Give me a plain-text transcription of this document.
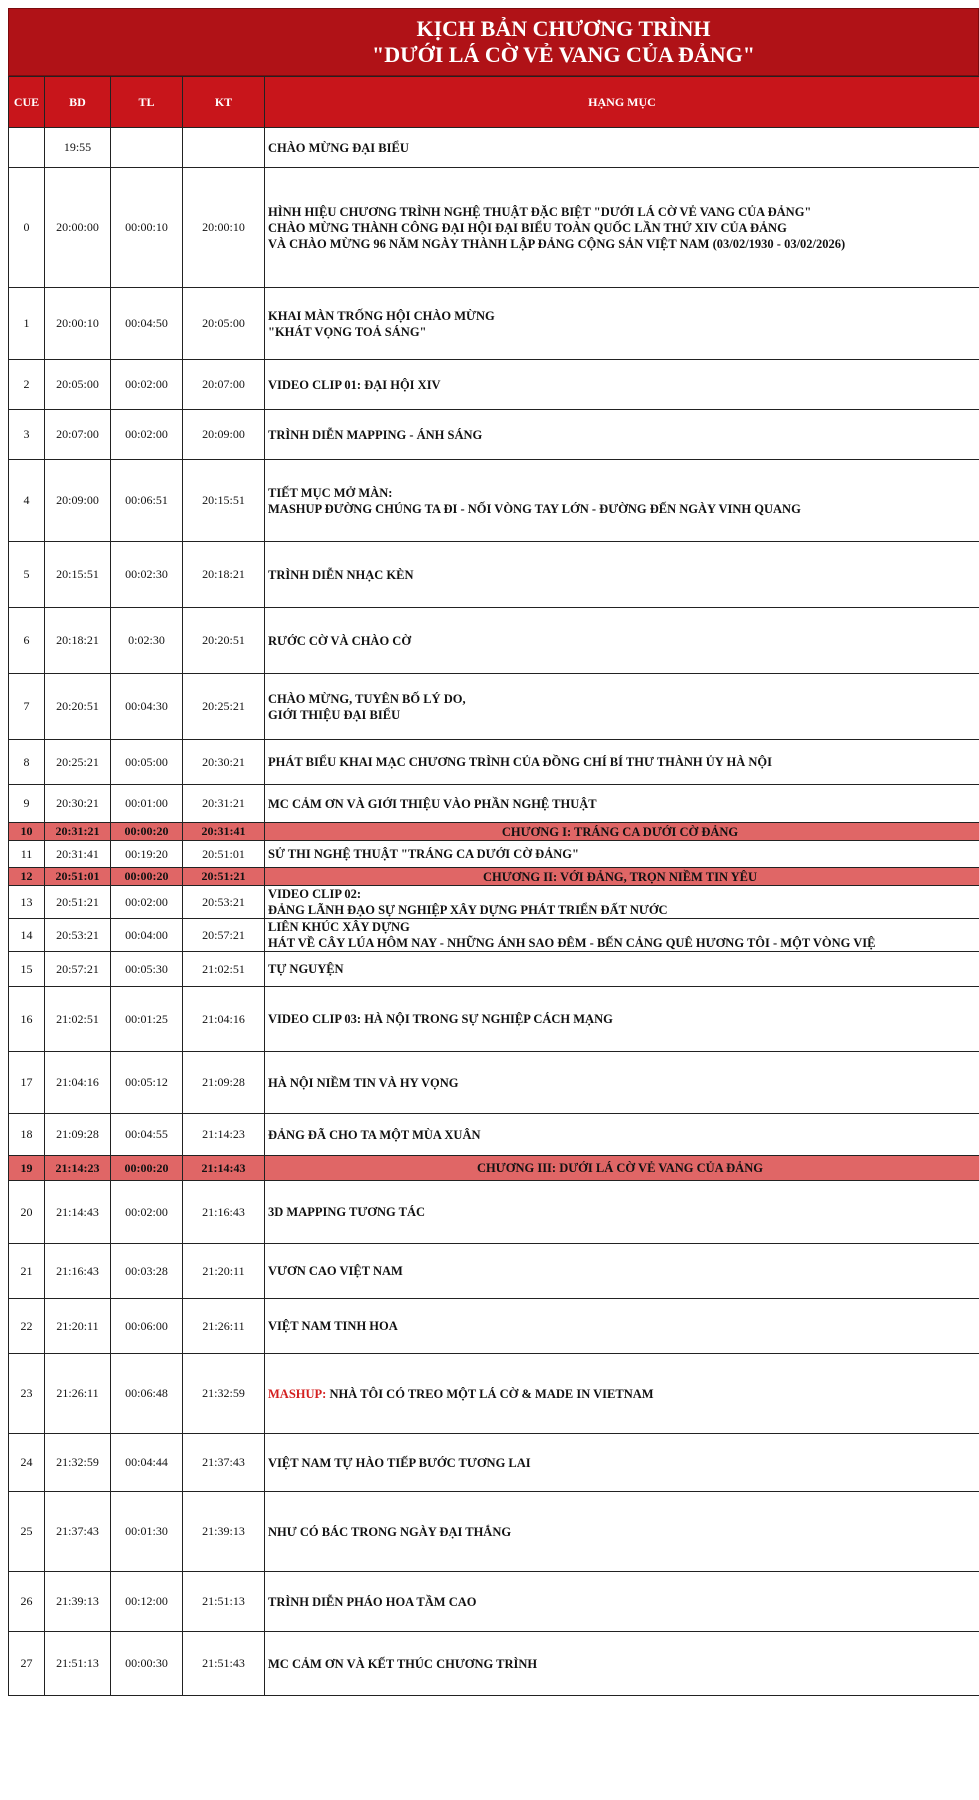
KỊCH BẢN CHƯƠNG TRÌNH
"DƯỚI LÁ CỜ VẺ VANG CỦA ĐẢNG"
CUE	BD	TL	KT	HẠNG MỤC
	19:55			CHÀO MỪNG ĐẠI BIỂU

0	20:00:00	00:00:10	20:00:10	HÌNH HIỆU CHƯƠNG TRÌNH NGHỆ THUẬT ĐẶC BIỆT "DƯỚI LÁ CỜ VẺ VANG CỦA ĐẢNG"
CHÀO MỪNG THÀNH CÔNG ĐẠI HỘI ĐẠI BIỂU TOÀN QUỐC LẦN THỨ XIV CỦA ĐẢNG
VÀ CHÀO MỪNG 96 NĂM NGÀY THÀNH LẬP ĐẢNG CỘNG SẢN VIỆT NAM (03/02/1930 - 03/02/2026)

1	20:00:10	00:04:50	20:05:00	KHAI MÀN TRỐNG HỘI CHÀO MỪNG
"KHÁT VỌNG TOẢ SÁNG"

2	20:05:00	00:02:00	20:07:00	VIDEO CLIP 01: ĐẠI HỘI XIV

3	20:07:00	00:02:00	20:09:00	TRÌNH DIỄN MAPPING - ÁNH SÁNG

4	20:09:00	00:06:51	20:15:51	TIẾT MỤC MỞ MÀN:
MASHUP ĐƯỜNG CHÚNG TA ĐI - NỐI VÒNG TAY LỚN - ĐƯỜNG ĐẾN NGÀY VINH QUANG

5	20:15:51	00:02:30	20:18:21	TRÌNH DIỄN NHẠC KÈN

6	20:18:21	0:02:30	20:20:51	RƯỚC CỜ VÀ CHÀO CỜ

7	20:20:51	00:04:30	20:25:21	CHÀO MỪNG, TUYÊN BỐ LÝ DO,
GIỚI THIỆU ĐẠI BIỂU

8	20:25:21	00:05:00	20:30:21	PHÁT BIỂU KHAI MẠC CHƯƠNG TRÌNH CỦA ĐỒNG CHÍ BÍ THƯ THÀNH ỦY HÀ NỘI

9	20:30:21	00:01:00	20:31:21	MC CẢM ƠN VÀ GIỚI THIỆU VÀO PHẦN NGHỆ THUẬT

10	20:31:21	00:00:20	20:31:41	CHƯƠNG I: TRÁNG CA DƯỚI CỜ ĐẢNG

11	20:31:41	00:19:20	20:51:01	SỬ THI NGHỆ THUẬT "TRÁNG CA DƯỚI CỜ ĐẢNG"

12	20:51:01	00:00:20	20:51:21	CHƯƠNG II: VỚI ĐẢNG, TRỌN NIỀM TIN YÊU

13	20:51:21	00:02:00	20:53:21	VIDEO CLIP 02:
ĐẢNG LÃNH ĐẠO SỰ NGHIỆP XÂY DỰNG PHÁT TRIỂN ĐẤT NƯỚC

14	20:53:21	00:04:00	20:57:21	LIÊN KHÚC XÂY DỰNG
HÁT VỀ CÂY LÚA HÔM NAY - NHỮNG ÁNH SAO ĐÊM - BẾN CẢNG QUÊ HƯƠNG TÔI - MỘT VÒNG VIỆ

15	20:57:21	00:05:30	21:02:51	TỰ NGUYỆN

16	21:02:51	00:01:25	21:04:16	VIDEO CLIP 03: HÀ NỘI TRONG SỰ NGHIỆP CÁCH MẠNG

17	21:04:16	00:05:12	21:09:28	HÀ NỘI NIỀM TIN VÀ HY VỌNG

18	21:09:28	00:04:55	21:14:23	ĐẢNG ĐÃ CHO TA MỘT MÙA XUÂN

19	21:14:23	00:00:20	21:14:43	CHƯƠNG III: DƯỚI LÁ CỜ VẺ VANG CỦA ĐẢNG

20	21:14:43	00:02:00	21:16:43	3D MAPPING TƯƠNG TÁC

21	21:16:43	00:03:28	21:20:11	VƯƠN CAO VIỆT NAM

22	21:20:11	00:06:00	21:26:11	VIỆT NAM TINH HOA

23	21:26:11	00:06:48	21:32:59	MASHUP: NHÀ TÔI CÓ TREO MỘT LÁ CỜ & MADE IN VIETNAM

24	21:32:59	00:04:44	21:37:43	VIỆT NAM TỰ HÀO TIẾP BƯỚC TƯƠNG LAI

25	21:37:43	00:01:30	21:39:13	NHƯ CÓ BÁC TRONG NGÀY ĐẠI THẮNG

26	21:39:13	00:12:00	21:51:13	TRÌNH DIỄN PHÁO HOA TẦM CAO

27	21:51:13	00:00:30	21:51:43	MC CẢM ƠN VÀ KẾT THÚC CHƯƠNG TRÌNH
